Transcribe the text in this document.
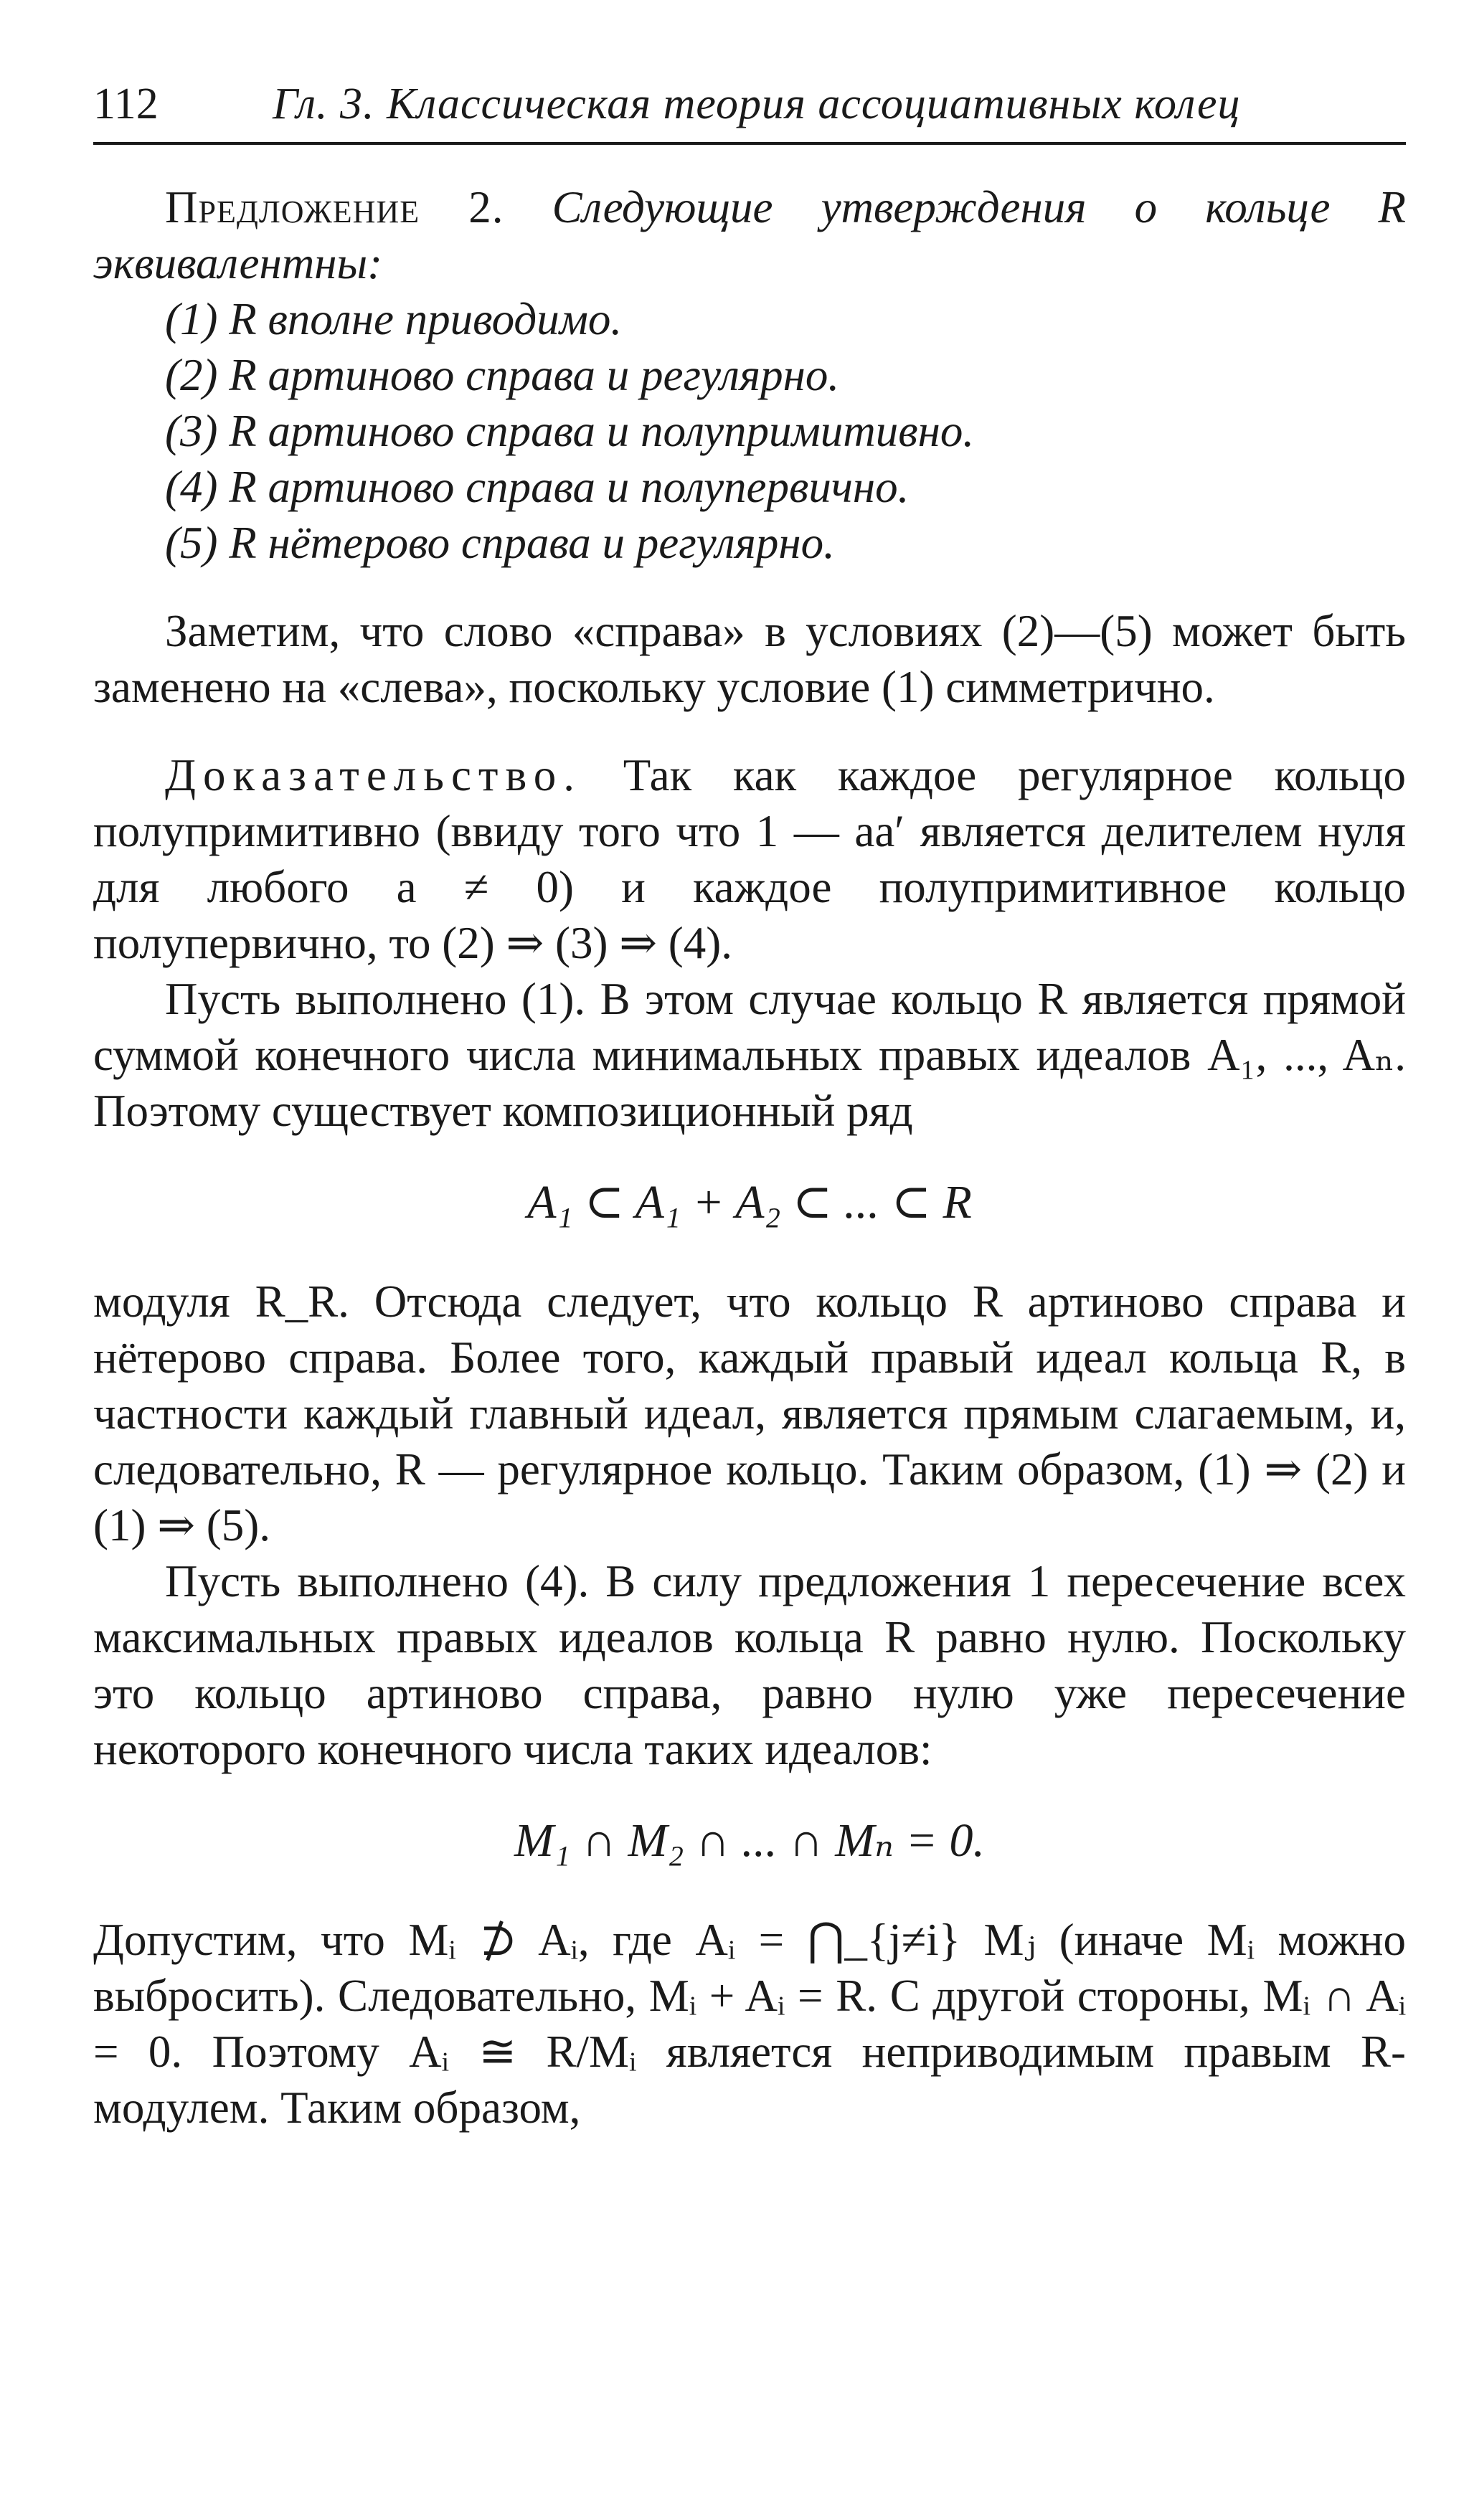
112	Гл. 3. Классическая теория ассоциативных колец

Предложение 2. Следующие утверждения о кольце R эквивалентны:

(1) R вполне приводимо.
(2) R артиново справа и регулярно.
(3) R артиново справа и полупримитивно.
(4) R артиново справа и полупервично.
(5) R нётерово справа и регулярно.

Заметим, что слово «справа» в условиях (2)—(5) может быть заменено на «слева», поскольку условие (1) симметрично.

Доказательство. Так как каждое регулярное кольцо полупримитивно (ввиду того что 1 — aa′ является делителем нуля для любого a ≠ 0) и каждое полупримитивное кольцо полупервично, то (2) ⇒ (3) ⇒ (4).

Пусть выполнено (1). В этом случае кольцо R является прямой суммой конечного числа минимальных правых идеалов A₁, ..., Aₙ. Поэтому существует композиционный ряд

A₁ ⊂ A₁ + A₂ ⊂ ... ⊂ R

модуля R_R. Отсюда следует, что кольцо R артиново справа и нётерово справа. Более того, каждый правый идеал кольца R, в частности каждый главный идеал, является прямым слагаемым, и, следовательно, R — регулярное кольцо. Таким образом, (1) ⇒ (2) и (1) ⇒ (5).

Пусть выполнено (4). В силу предложения 1 пересечение всех максимальных правых идеалов кольца R равно нулю. Поскольку это кольцо артиново справа, равно нулю уже пересечение некоторого конечного числа таких идеалов:

M₁ ∩ M₂ ∩ ... ∩ Mₙ = 0.

Допустим, что Mᵢ ⊅ Aᵢ, где Aᵢ = ⋂_{j≠i} Mⱼ (иначе Mᵢ можно выбросить). Следовательно, Mᵢ + Aᵢ = R. С другой стороны, Mᵢ ∩ Aᵢ = 0. Поэтому Aᵢ ≅ R/Mᵢ является неприводимым правым R-модулем. Таким образом,
